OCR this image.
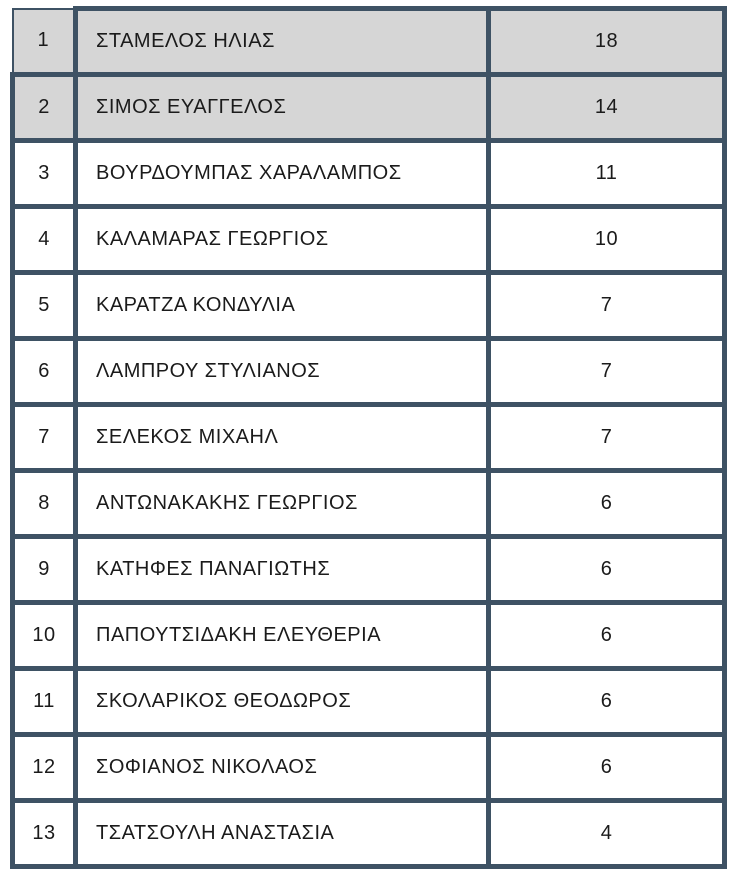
1	ΣΤΑΜΕΛΟΣ ΗΛΙΑΣ	18
2	ΣΙΜΟΣ ΕΥΑΓΓΕΛΟΣ	14
3	ΒΟΥΡΔΟΥΜΠΑΣ ΧΑΡΑΛΑΜΠΟΣ	11
4	ΚΑΛΑΜΑΡΑΣ ΓΕΩΡΓΙΟΣ	10
5	ΚΑΡΑΤΖΑ ΚΟΝΔΥΛΙΑ	7
6	ΛΑΜΠΡΟΥ ΣΤΥΛΙΑΝΟΣ	7
7	ΣΕΛΕΚΟΣ ΜΙΧΑΗΛ	7
8	ΑΝΤΩΝΑΚΑΚΗΣ ΓΕΩΡΓΙΟΣ	6
9	ΚΑΤΗΦΕΣ ΠΑΝΑΓΙΩΤΗΣ	6
10	ΠΑΠΟΥΤΣΙΔΑΚΗ ΕΛΕΥΘΕΡΙΑ	6
11	ΣΚΟΛΑΡΙΚΟΣ ΘΕΟΔΩΡΟΣ	6
12	ΣΟΦΙΑΝΟΣ ΝΙΚΟΛΑΟΣ	6
13	ΤΣΑΤΣΟΥΛΗ ΑΝΑΣΤΑΣΙΑ	4
